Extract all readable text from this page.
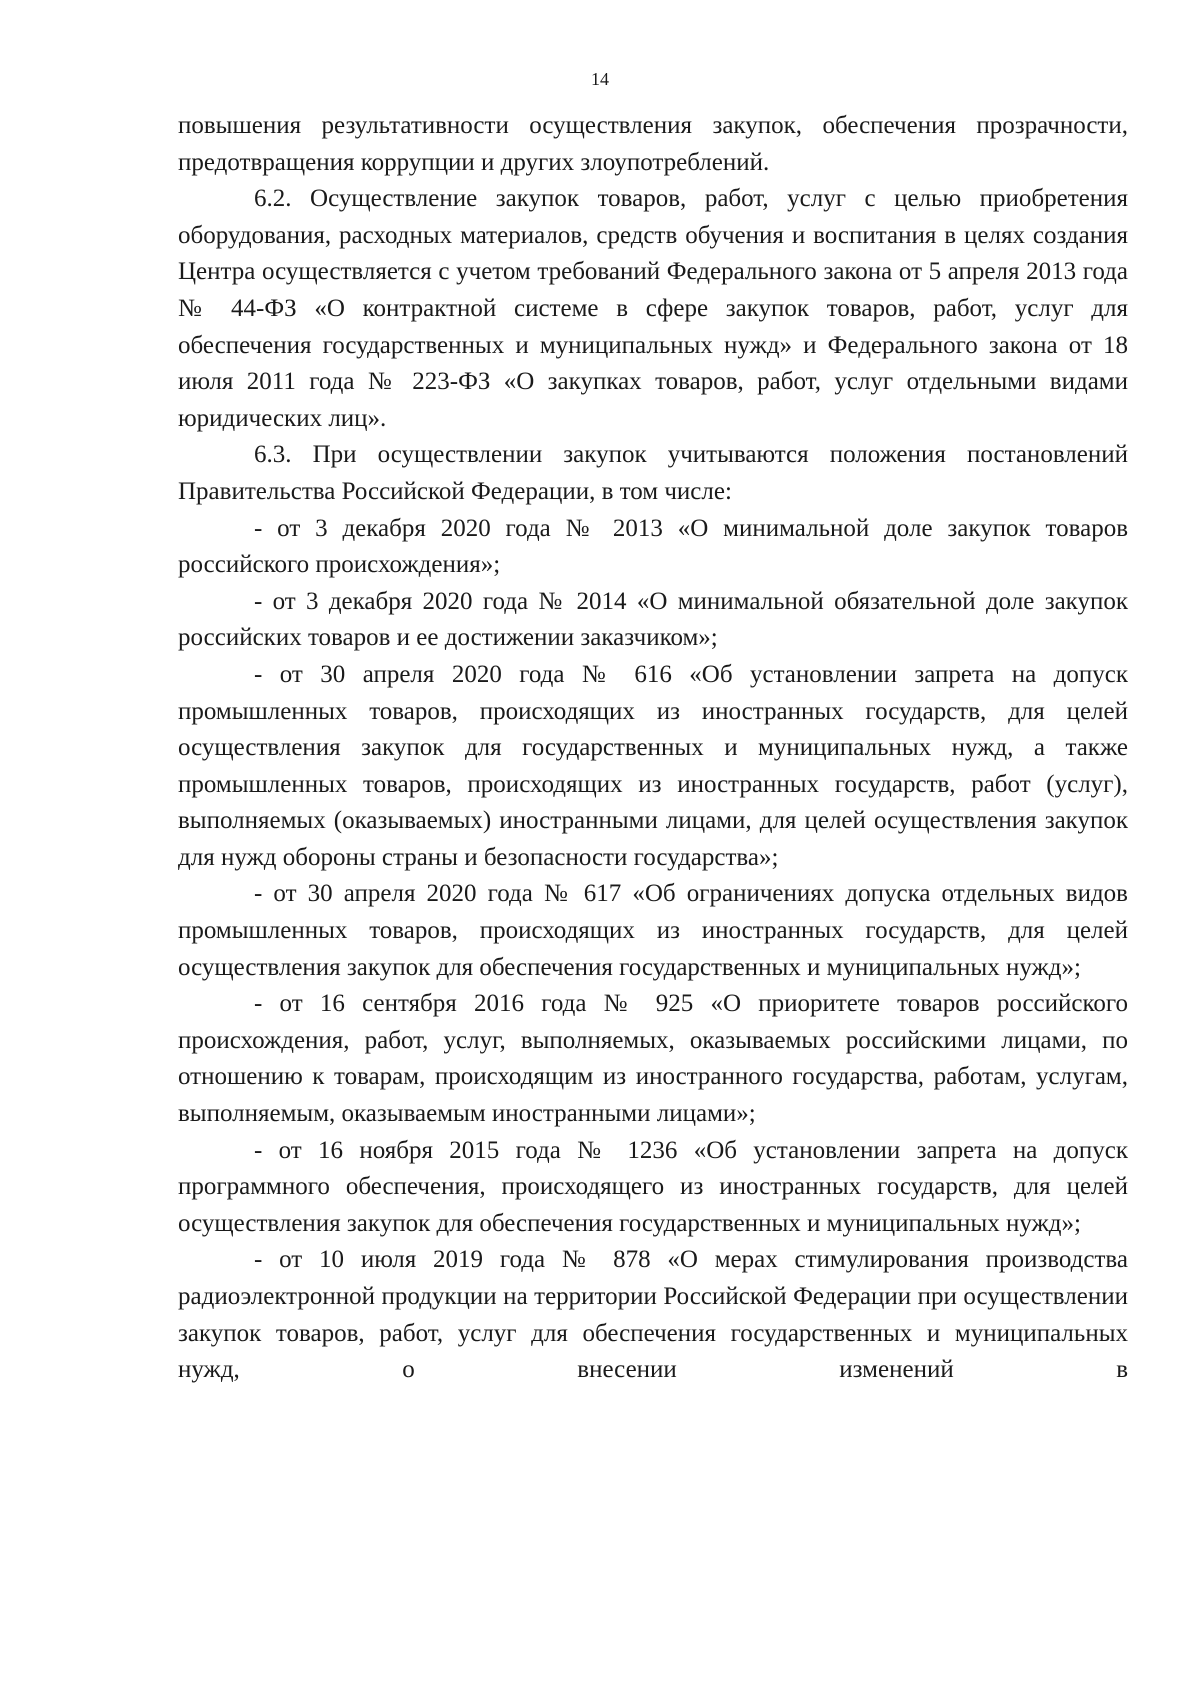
14

повышения результативности осуществления закупок, обеспечения прозрачности, предотвращения коррупции и других злоупотреблений.

6.2. Осуществление закупок товаров, работ, услуг с целью приобретения оборудования, расходных материалов, средств обучения и воспитания в целях создания Центра осуществляется с учетом требований Федерального закона от 5 апреля 2013 года № 44-ФЗ «О контрактной системе в сфере закупок товаров, работ, услуг для обеспечения государственных и муниципальных нужд» и Федерального закона от 18 июля 2011 года № 223-ФЗ «О закупках товаров, работ, услуг отдельными видами юридических лиц».

6.3. При осуществлении закупок учитываются положения постановлений Правительства Российской Федерации, в том числе:

- от 3 декабря 2020 года № 2013 «О минимальной доле закупок товаров российского происхождения»;

- от 3 декабря 2020 года № 2014 «О минимальной обязательной доле закупок российских товаров и ее достижении заказчиком»;

- от 30 апреля 2020 года № 616 «Об установлении запрета на допуск промышленных товаров, происходящих из иностранных государств, для целей осуществления закупок для государственных и муниципальных нужд, а также промышленных товаров, происходящих из иностранных государств, работ (услуг), выполняемых (оказываемых) иностранными лицами, для целей осуществления закупок для нужд обороны страны и безопасности государства»;

- от 30 апреля 2020 года № 617 «Об ограничениях допуска отдельных видов промышленных товаров, происходящих из иностранных государств, для целей осуществления закупок для обеспечения государственных и муниципальных нужд»;

- от 16 сентября 2016 года № 925 «О приоритете товаров российского происхождения, работ, услуг, выполняемых, оказываемых российскими лицами, по отношению к товарам, происходящим из иностранного государства, работам, услугам, выполняемым, оказываемым иностранными лицами»;

- от 16 ноября 2015 года № 1236 «Об установлении запрета на допуск программного обеспечения, происходящего из иностранных государств, для целей осуществления закупок для обеспечения государственных и муниципальных нужд»;

- от 10 июля 2019 года № 878 «О мерах стимулирования производства радиоэлектронной продукции на территории Российской Федерации при осуществлении закупок товаров, работ, услуг для обеспечения государственных и муниципальных нужд, о внесении изменений в
